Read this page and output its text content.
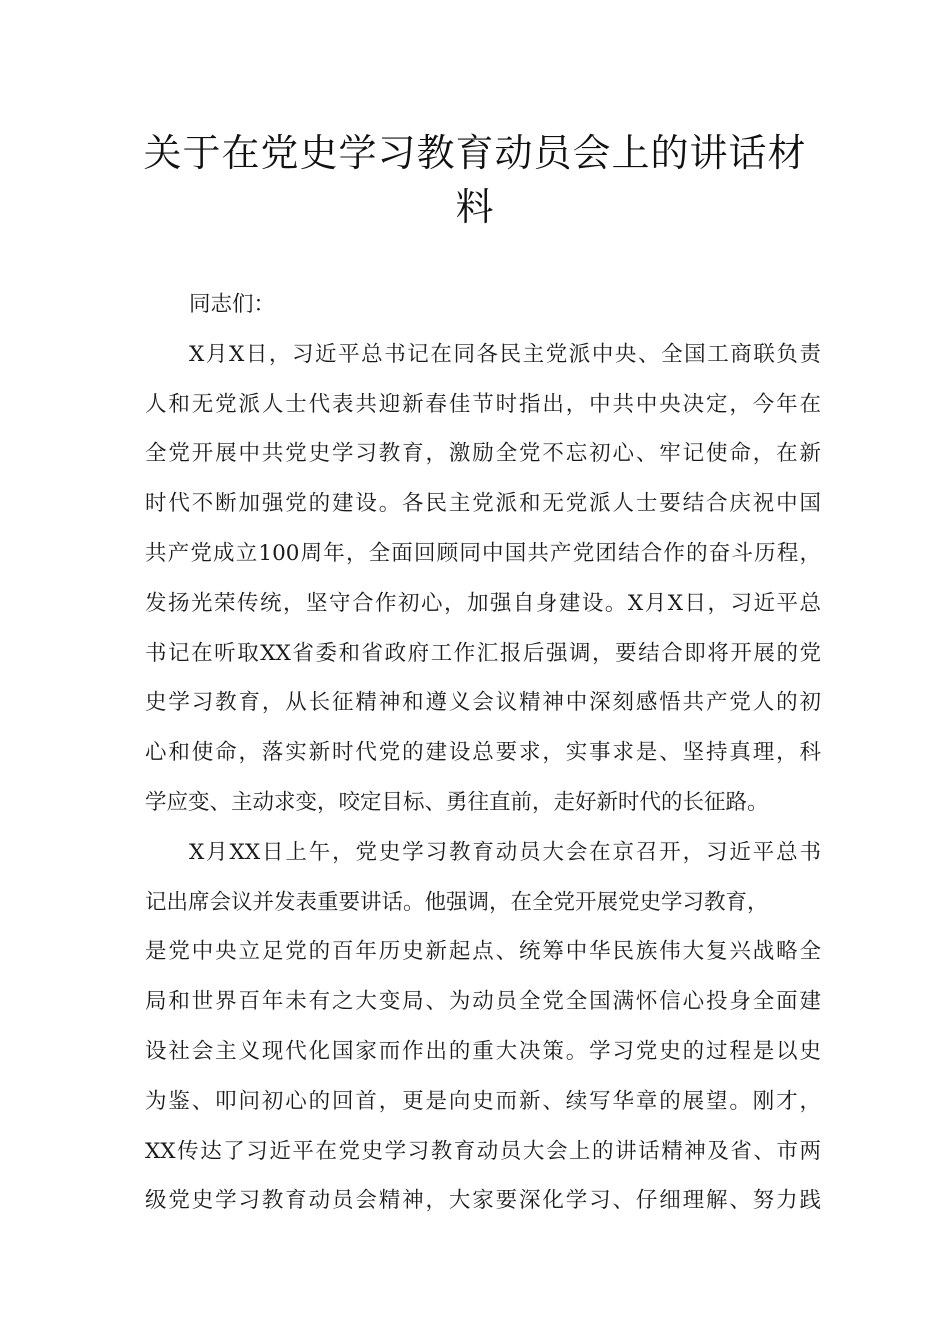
关于在党史学习教育动员会上的讲话材料
同志们：
X月X日，习近平总书记在同各民主党派中央、全国工商联负责
人和无党派人士代表共迎新春佳节时指出，中共中央决定，今年在
全党开展中共党史学习教育，激励全党不忘初心、牢记使命，在新
时代不断加强党的建设。各民主党派和无党派人士要结合庆祝中国
共产党成立100周年，全面回顾同中国共产党团结合作的奋斗历程，
发扬光荣传统，坚守合作初心，加强自身建设。X月X日，习近平总
书记在听取XX省委和省政府工作汇报后强调，要结合即将开展的党
史学习教育，从长征精神和遵义会议精神中深刻感悟共产党人的初
心和使命，落实新时代党的建设总要求，实事求是、坚持真理，科
学应变、主动求变，咬定目标、勇往直前，走好新时代的长征路。
X月XX日上午，党史学习教育动员大会在京召开，习近平总书
记出席会议并发表重要讲话。他强调，在全党开展党史学习教育，
是党中央立足党的百年历史新起点、统筹中华民族伟大复兴战略全
局和世界百年未有之大变局、为动员全党全国满怀信心投身全面建
设社会主义现代化国家而作出的重大决策。学习党史的过程是以史
为鉴、叩问初心的回首，更是向史而新、续写华章的展望。刚才，
XX传达了习近平在党史学习教育动员大会上的讲话精神及省、市两
级党史学习教育动员会精神，大家要深化学习、仔细理解、努力践
